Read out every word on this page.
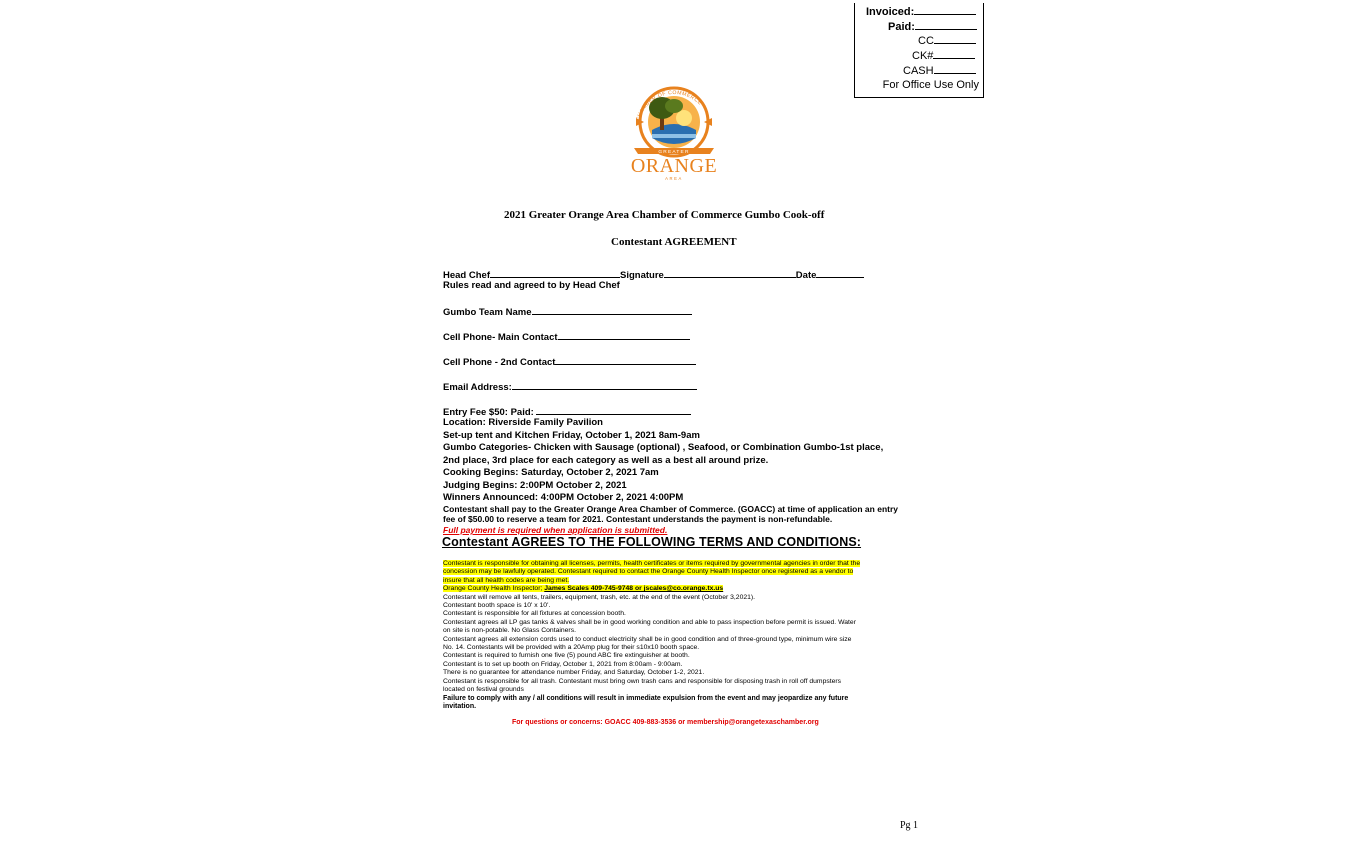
Invoiced:
Paid:
CC
CK#
CASH
For Office Use Only
CHAMBER OF COMMERCE
GREATER
ORANGE
AREA
2021 Greater Orange Area Chamber of Commerce Gumbo Cook-off
Contestant AGREEMENT
Head Chef	Signature	Date
Rules read and agreed to by Head Chef
Gumbo Team Name
Cell Phone- Main Contact
Cell Phone - 2nd Contact
Email Address:
Entry Fee $50: Paid:
Location: Riverside Family Pavilion
Set-up tent and Kitchen Friday, October 1, 2021 8am-9am
Gumbo Categories- Chicken with Sausage (optional) , Seafood, or Combination Gumbo-1st place,
2nd place, 3rd place for each category as well as a best all around prize.
Cooking Begins: Saturday, October 2, 2021 7am
Judging Begins: 2:00PM October 2, 2021
Winners Announced: 4:00PM October 2, 2021 4:00PM
Contestant shall pay to the Greater Orange Area Chamber of Commerce. (GOACC) at time of application an entry
fee of $50.00 to reserve a team for 2021. Contestant understands the payment is non-refundable.
Full payment is required when application is submitted.
Contestant AGREES TO THE FOLLOWING TERMS AND CONDITIONS:
Contestant is responsible for obtaining all licenses, permits, health certificates or items required by governmental agencies in order that the
concession may be lawfully operated. Contestant required to contact the Orange County Health Inspector once registered as a vendor to
insure that all health codes are being met.
Orange County Health Inspector; James Scales 409-745-9748 or jscales@co.orange.tx.us
Contestant will remove all tents, trailers, equipment, trash, etc. at the end of the event (October 3,2021).
Contestant booth space is 10' x 10'.
Contestant is responsible for all fixtures at concession booth.
Contestant agrees all LP gas tanks & valves shall be in good working condition and able to pass inspection before permit is issued. Water
on site is non-potable. No Glass Containers.
Contestant agrees all extension cords used to conduct electricity shall be in good condition and of three-ground type, minimum wire size
No. 14. Contestants will be provided with a 20Amp plug for their s10x10 booth space.
Contestant is required to furnish one five (5) pound ABC fire extinguisher at booth.
Contestant is to set up booth on Friday, October 1, 2021 from 8:00am - 9:00am.
There is no guarantee for attendance number Friday, and Saturday, October 1-2, 2021.
Contestant is responsible for all trash. Contestant must bring own trash cans and responsible for disposing trash in roll off dumpsters
located on festival grounds
Failure to comply with any / all conditions will result in immediate expulsion from the event and may jeopardize any future
invitation.
For questions or concerns: GOACC 409-883-3536 or membership@orangetexaschamber.org
Pg 1
